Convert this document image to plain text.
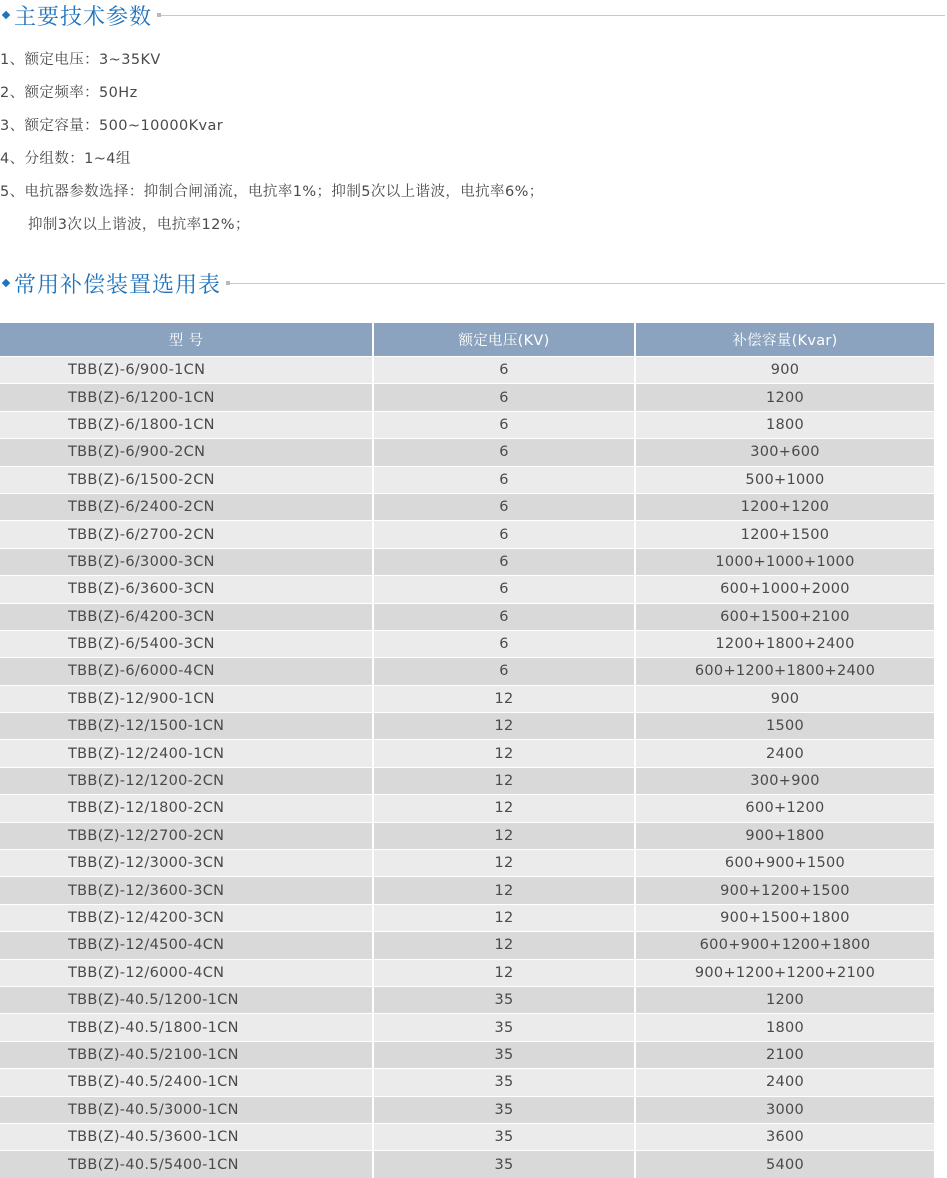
主要技术参数
1、额定电压：3~35KV
2、额定频率：50Hz
3、额定容量：500~10000Kvar
4、分组数：1~4组
5、电抗器参数选择：抑制合闸涌流，电抗率1%；抑制5次以上谐波，电抗率6%；
抑制3次以上谐波，电抗率12%；
常用补偿装置选用表
型 号	额定电压(KV)	补偿容量(Kvar)
TBB(Z)-6/900-1CN	6	900
TBB(Z)-6/1200-1CN	6	1200
TBB(Z)-6/1800-1CN	6	1800
TBB(Z)-6/900-2CN	6	300+600
TBB(Z)-6/1500-2CN	6	500+1000
TBB(Z)-6/2400-2CN	6	1200+1200
TBB(Z)-6/2700-2CN	6	1200+1500
TBB(Z)-6/3000-3CN	6	1000+1000+1000
TBB(Z)-6/3600-3CN	6	600+1000+2000
TBB(Z)-6/4200-3CN	6	600+1500+2100
TBB(Z)-6/5400-3CN	6	1200+1800+2400
TBB(Z)-6/6000-4CN	6	600+1200+1800+2400
TBB(Z)-12/900-1CN	12	900
TBB(Z)-12/1500-1CN	12	1500
TBB(Z)-12/2400-1CN	12	2400
TBB(Z)-12/1200-2CN	12	300+900
TBB(Z)-12/1800-2CN	12	600+1200
TBB(Z)-12/2700-2CN	12	900+1800
TBB(Z)-12/3000-3CN	12	600+900+1500
TBB(Z)-12/3600-3CN	12	900+1200+1500
TBB(Z)-12/4200-3CN	12	900+1500+1800
TBB(Z)-12/4500-4CN	12	600+900+1200+1800
TBB(Z)-12/6000-4CN	12	900+1200+1200+2100
TBB(Z)-40.5/1200-1CN	35	1200
TBB(Z)-40.5/1800-1CN	35	1800
TBB(Z)-40.5/2100-1CN	35	2100
TBB(Z)-40.5/2400-1CN	35	2400
TBB(Z)-40.5/3000-1CN	35	3000
TBB(Z)-40.5/3600-1CN	35	3600
TBB(Z)-40.5/5400-1CN	35	5400
